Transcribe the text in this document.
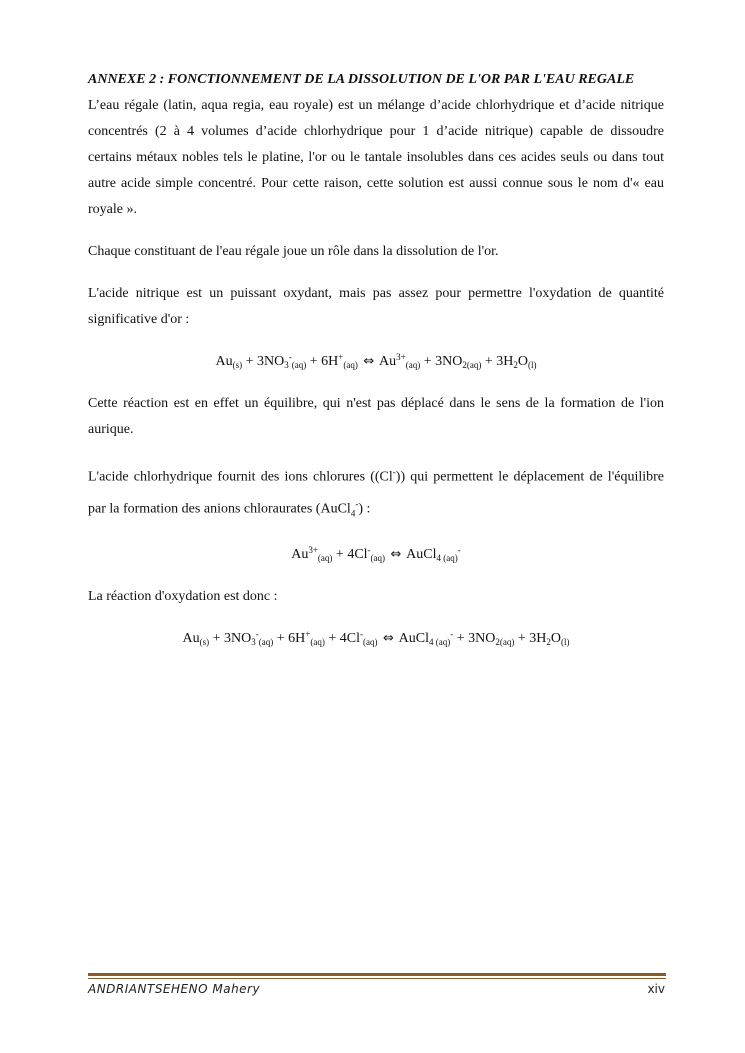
ANNEXE 2 : FONCTIONNEMENT DE LA DISSOLUTION DE L'OR PAR L'EAU REGALE

L’eau régale (latin, aqua regia, eau royale) est un mélange d’acide chlorhydrique et d’acide nitrique concentrés (2 à 4 volumes d’acide chlorhydrique pour 1 d’acide nitrique) capable de dissoudre certains métaux nobles tels le platine, l'or ou le tantale insolubles dans ces acides seuls ou dans tout autre acide simple concentré. Pour cette raison, cette solution est aussi connue sous le nom d'« eau royale ».

Chaque constituant de l'eau régale joue un rôle dans la dissolution de l'or.

L'acide nitrique est un puissant oxydant, mais pas assez pour permettre l'oxydation de quantité significative d'or :

$Au_{(s)} + 3NO_3^-_{(aq)} + 6H^+_{(aq)}$ ⇔ $Au^{3+}_{(aq)} + 3NO_{2(aq)} + 3H_2O_{(l)}$

Cette réaction est en effet un équilibre, qui n'est pas déplacé dans le sens de la formation de l'ion aurique.

L'acide chlorhydrique fournit des ions chlorures ((Cl-)) qui permettent le déplacement de l'équilibre par la formation des anions chloraurates (AuCl$_4$-) :

$Au^{3+}_{(aq)} + 4Cl^-_{(aq)}$ ⇔ AuCl$_{4 (aq)}$-

La réaction d'oxydation est donc :

$Au_{(s)} + 3NO_3^-_{(aq)} + 6H^+_{(aq)} + 4Cl^-_{(aq)}$ ⇔ AuCl$_{4 (aq)}$- + $3NO_{2(aq)} + 3H_2O_{(l)}$
ANDRIANTSEHENO Mahery	xiv
